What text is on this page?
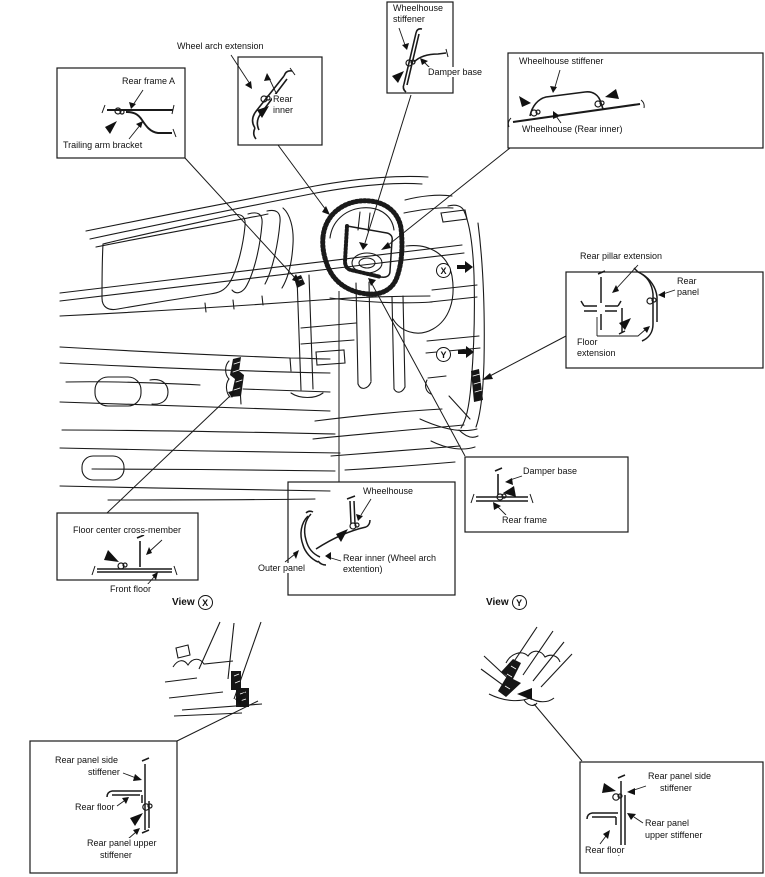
Wheelhouse
stiffener
Damper base
Wheel arch extension
Rear
inner
Rear frame A
Trailing arm bracket
Wheelhouse stiffener
Wheelhouse (Rear inner)
Rear pillar extension
Rear
panel
Floor
extension
Damper base
Rear frame
Wheelhouse
Outer panel
Rear inner (Wheel arch
extention)
Floor center cross-member
Front floor
Rear panel side
stiffener
Rear floor
Rear panel upper
stiffener
Rear panel side
stiffener
Rear panel
upper stiffener
Rear floor
View X	View Y
X
Y
